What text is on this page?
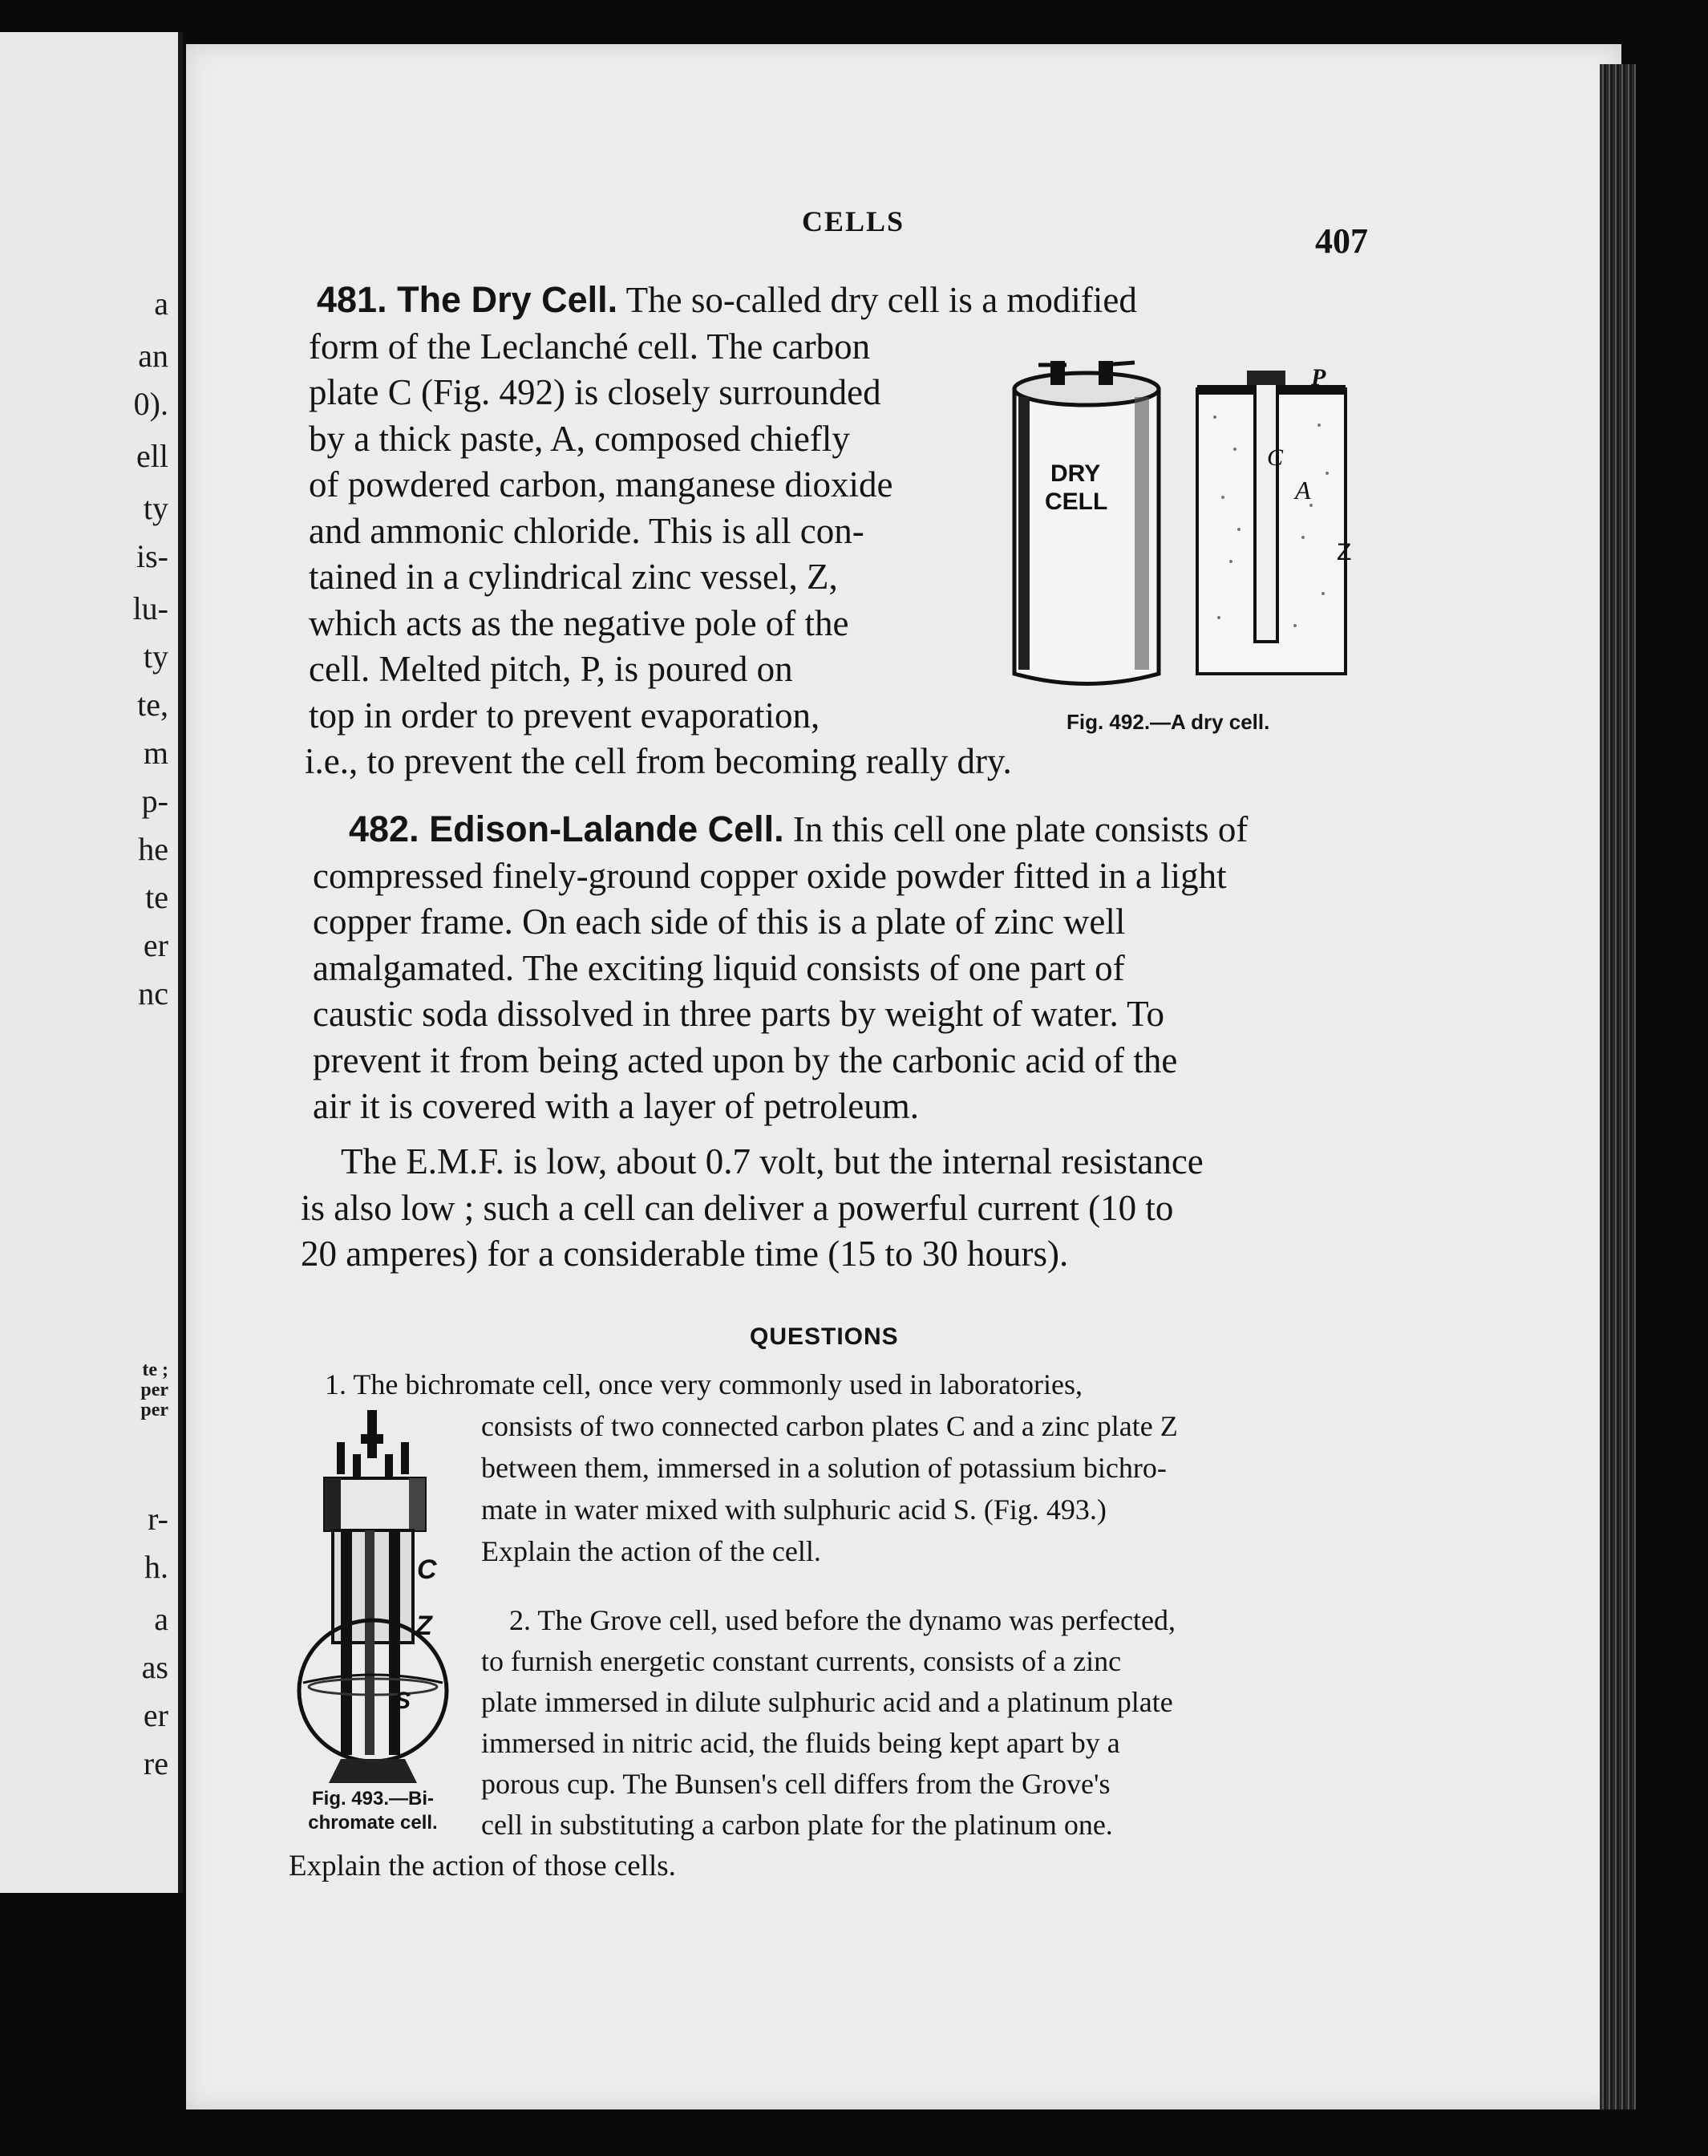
a
an
0).
ell
ty
is-
lu-
ty
te,
m
p-
he
te
er
nc
te ;
per
per
r-
h.
a
as
er
re
CELLS	407
481. The Dry Cell. The so-called dry cell is a modified
form of the Leclanché cell. The carbon
plate C (Fig. 492) is closely surrounded
by a thick paste, A, composed chiefly
of powdered carbon, manganese dioxide
and ammonic chloride. This is all con-
tained in a cylindrical zinc vessel, Z,
which acts as the negative pole of the
cell. Melted pitch, P, is poured on
top in order to prevent evaporation,
i.e., to prevent the cell from becoming really dry.
DRY
CELL
C
A
Z
P
Fig. 492.—A dry cell.
482. Edison-Lalande Cell. In this cell one plate consists of
compressed finely-ground copper oxide powder fitted in a light
copper frame. On each side of this is a plate of zinc well
amalgamated. The exciting liquid consists of one part of
caustic soda dissolved in three parts by weight of water. To
prevent it from being acted upon by the carbonic acid of the
air it is covered with a layer of petroleum.
The E.M.F. is low, about 0.7 volt, but the internal resistance
is also low ; such a cell can deliver a powerful current (10 to
20 amperes) for a considerable time (15 to 30 hours).
QUESTIONS
1. The bichromate cell, once very commonly used in laboratories,
consists of two connected carbon plates C and a zinc plate Z
between them, immersed in a solution of potassium bichro-
mate in water mixed with sulphuric acid S. (Fig. 493.)
Explain the action of the cell.
C
Z
S
Fig. 493.—Bi-
chromate cell.
2. The Grove cell, used before the dynamo was perfected,
to furnish energetic constant currents, consists of a zinc
plate immersed in dilute sulphuric acid and a platinum plate
immersed in nitric acid, the fluids being kept apart by a
porous cup. The Bunsen's cell differs from the Grove's
cell in substituting a carbon plate for the platinum one.
Explain the action of those cells.
